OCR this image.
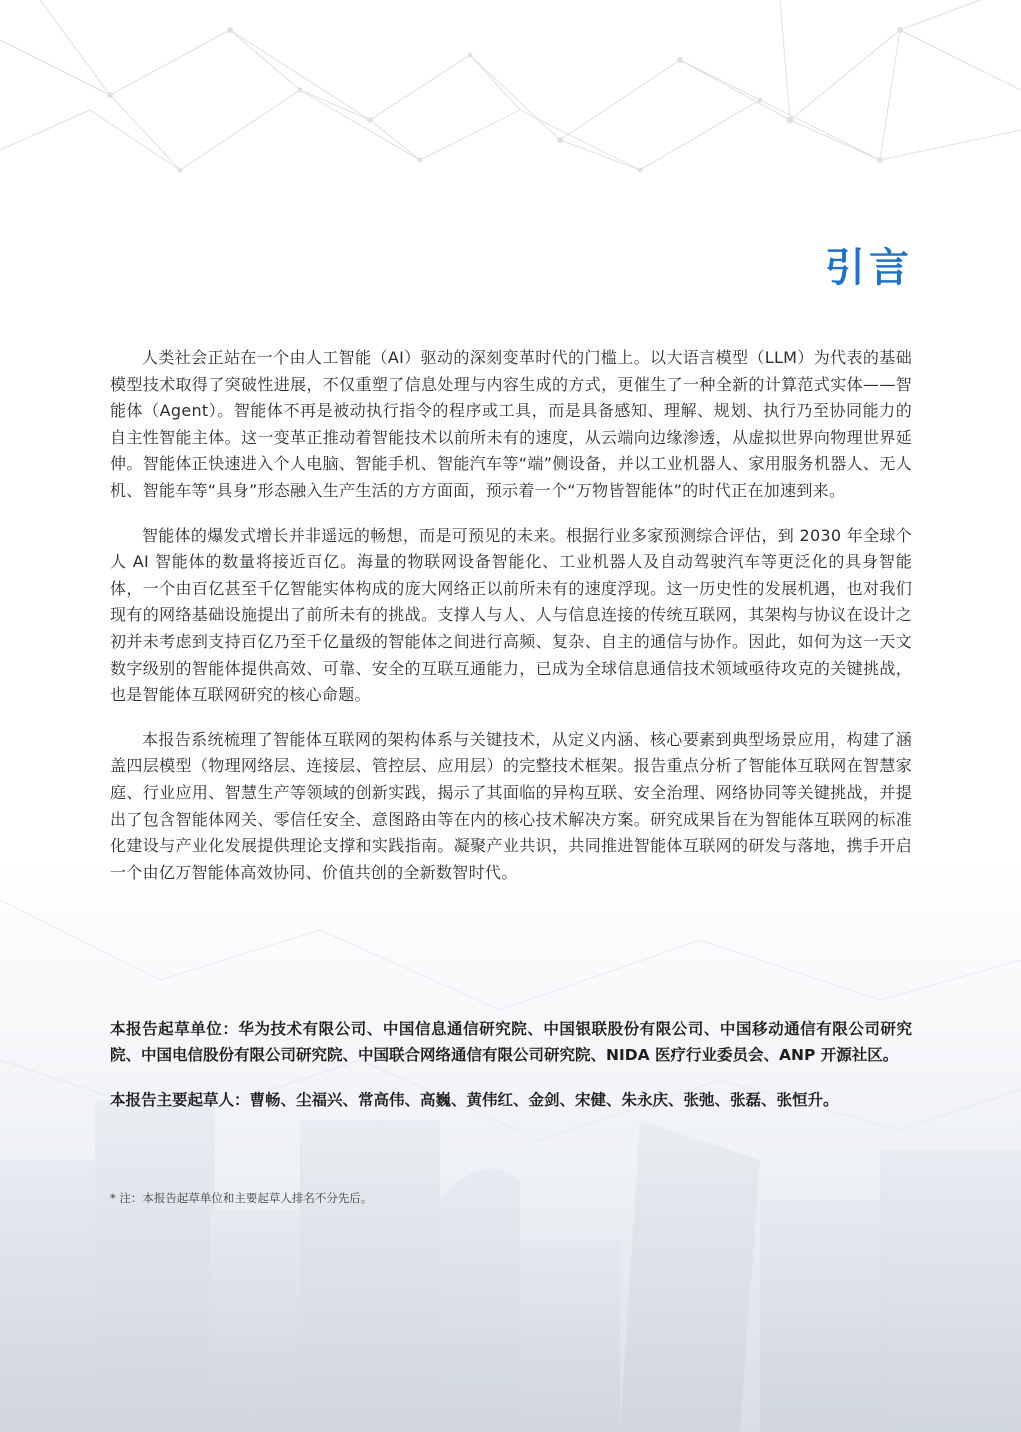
引言

人类社会正站在一个由人工智能（AI）驱动的深刻变革时代的门槛上。以大语言模型（LLM）为代表的基础模型技术取得了突破性进展，不仅重塑了信息处理与内容生成的方式，更催生了一种全新的计算范式实体——智能体（Agent）。智能体不再是被动执行指令的程序或工具，而是具备感知、理解、规划、执行乃至协同能力的自主性智能主体。这一变革正推动着智能技术以前所未有的速度，从云端向边缘渗透，从虚拟世界向物理世界延伸。智能体正快速进入个人电脑、智能手机、智能汽车等“端”侧设备，并以工业机器人、家用服务机器人、无人机、智能车等“具身”形态融入生产生活的方方面面，预示着一个“万物皆智能体”的时代正在加速到来。

智能体的爆发式增长并非遥远的畅想，而是可预见的未来。根据行业多家预测综合评估，到 2030 年全球个人 AI 智能体的数量将接近百亿。海量的物联网设备智能化、工业机器人及自动驾驶汽车等更泛化的具身智能体，一个由百亿甚至千亿智能实体构成的庞大网络正以前所未有的速度浮现。这一历史性的发展机遇，也对我们现有的网络基础设施提出了前所未有的挑战。支撑人与人、人与信息连接的传统互联网，其架构与协议在设计之初并未考虑到支持百亿乃至千亿量级的智能体之间进行高频、复杂、自主的通信与协作。因此，如何为这一天文数字级别的智能体提供高效、可靠、安全的互联互通能力，已成为全球信息通信技术领域亟待攻克的关键挑战，也是智能体互联网研究的核心命题。

本报告系统梳理了智能体互联网的架构体系与关键技术，从定义内涵、核心要素到典型场景应用，构建了涵盖四层模型（物理网络层、连接层、管控层、应用层）的完整技术框架。报告重点分析了智能体互联网在智慧家庭、行业应用、智慧生产等领域的创新实践，揭示了其面临的异构互联、安全治理、网络协同等关键挑战，并提出了包含智能体网关、零信任安全、意图路由等在内的核心技术解决方案。研究成果旨在为智能体互联网的标准化建设与产业化发展提供理论支撑和实践指南。凝聚产业共识，共同推进智能体互联网的研发与落地，携手开启一个由亿万智能体高效协同、价值共创的全新数智时代。

本报告起草单位：华为技术有限公司、中国信息通信研究院、中国银联股份有限公司、中国移动通信有限公司研究院、中国电信股份有限公司研究院、中国联合网络通信有限公司研究院、NIDA 医疗行业委员会、ANP 开源社区。

本报告主要起草人：曹畅、尘福兴、常高伟、高巍、黄伟红、金剑、宋健、朱永庆、张弛、张磊、张恒升。

* 注：本报告起草单位和主要起草人排名不分先后。
